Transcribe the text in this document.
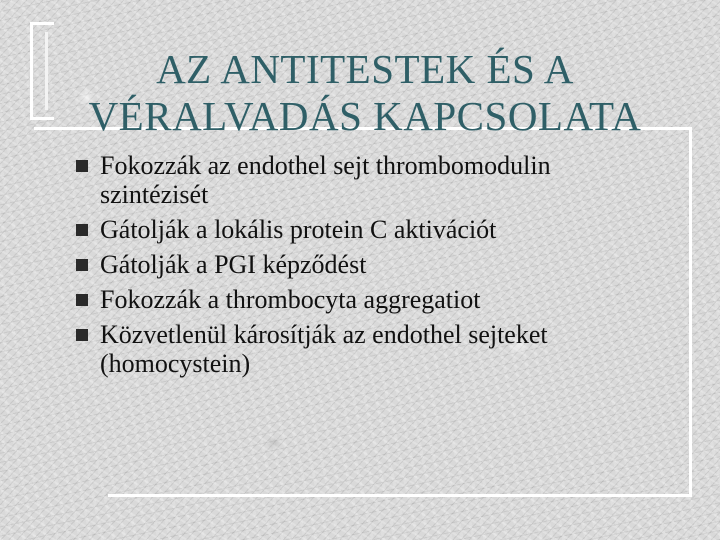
AZ ANTITESTEK ÉS A
VÉRALVADÁS KAPCSOLATA
Fokozzák az endothel sejt thrombomodulin
szintézisét
Gátolják a lokális protein C aktivációt
Gátolják a PGI képződést
Fokozzák a thrombocyta aggregatiot
Közvetlenül károsítják az endothel sejteket
(homocystein)
